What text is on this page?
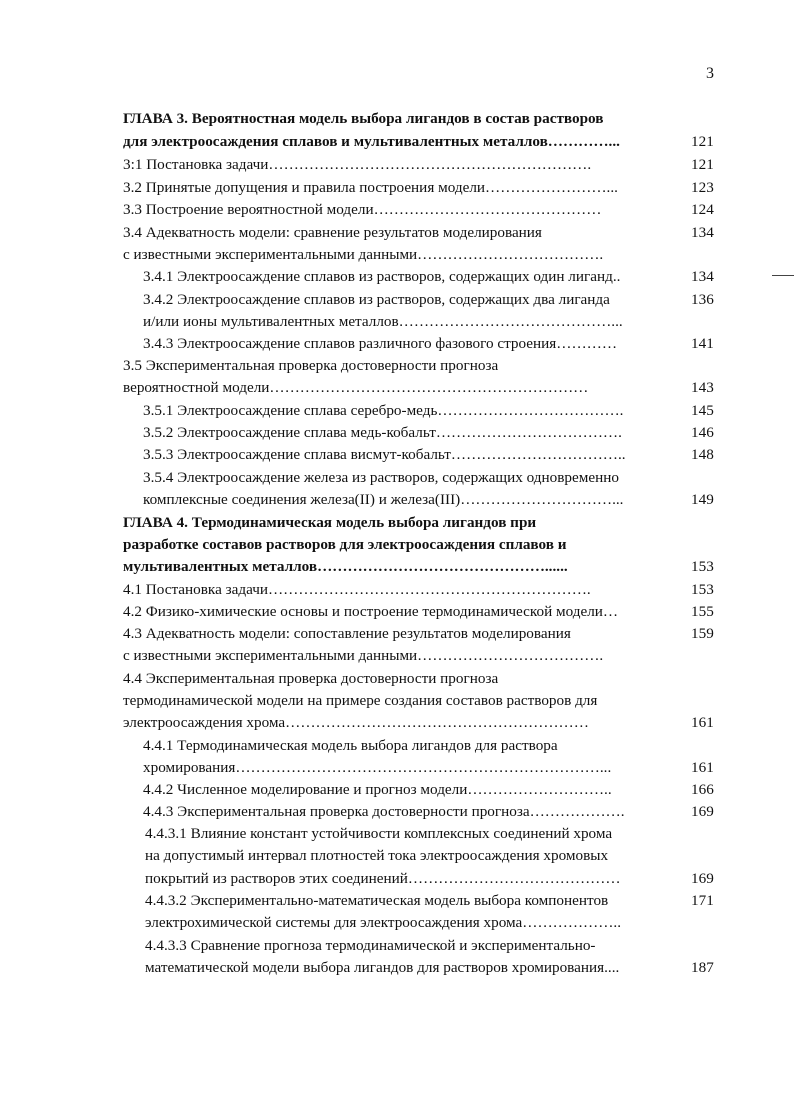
3
ГЛАВА 3. Вероятностная модель выбора лигандов в состав растворов
для электроосаждения сплавов и мультивалентных металлов…………...	121
3:1 Постановка задачи……………………………………………………….	121
3.2 Принятые допущения и правила построения модели……………………...	123
3.3 Построение вероятностной модели………………………………………	124
3.4 Адекватность модели: сравнение результатов моделирования	134
с известными экспериментальными данными……………………………….
3.4.1 Электроосаждение сплавов из растворов, содержащих один лиганд..	134
3.4.2 Электроосаждение сплавов из растворов, содержащих два лиганда	136
и/или ионы мультивалентных металлов……………………………………...
3.4.3 Электроосаждение сплавов различного фазового строения…………	141
3.5 Экспериментальная проверка достоверности прогноза
вероятностной модели………………………………………………………	143
3.5.1 Электроосаждение сплава серебро-медь……………………………….	145
3.5.2 Электроосаждение сплава медь-кобальт……………………………….	146
3.5.3 Электроосаждение сплава висмут-кобальт……………………………..	148
3.5.4 Электроосаждение железа из растворов, содержащих одновременно
комплексные соединения железа(II) и железа(III)…………………………...	149
ГЛАВА 4. Термодинамическая модель выбора лигандов при
разработке составов растворов для электроосаждения сплавов и
мультивалентных металлов………………………………………......	153
4.1 Постановка задачи……………………………………………………….	153
4.2 Физико-химические основы и построение термодинамической модели…	155
4.3 Адекватность модели: сопоставление результатов моделирования	159
с известными экспериментальными данными……………………………….
4.4 Экспериментальная проверка достоверности прогноза
термодинамической модели на примере создания составов растворов для
электроосаждения хрома……………………………………………………	161
4.4.1 Термодинамическая модель выбора лигандов для раствора
хромирования………………………………………………………………...	161
4.4.2 Численное моделирование и прогноз модели………………………..	166
4.4.3 Экспериментальная проверка достоверности прогноза……………….	169
4.4.3.1 Влияние констант устойчивости комплексных соединений хрома
на допустимый интервал плотностей тока электроосаждения хромовых
покрытий из растворов этих соединений……………………………………	169
4.4.3.2 Экспериментально-математическая модель выбора компонентов	171
электрохимической системы для электроосаждения хрома………………..
4.4.3.3 Сравнение прогноза термодинамической и экспериментально-
математической модели выбора лигандов для растворов хромирования....	187
